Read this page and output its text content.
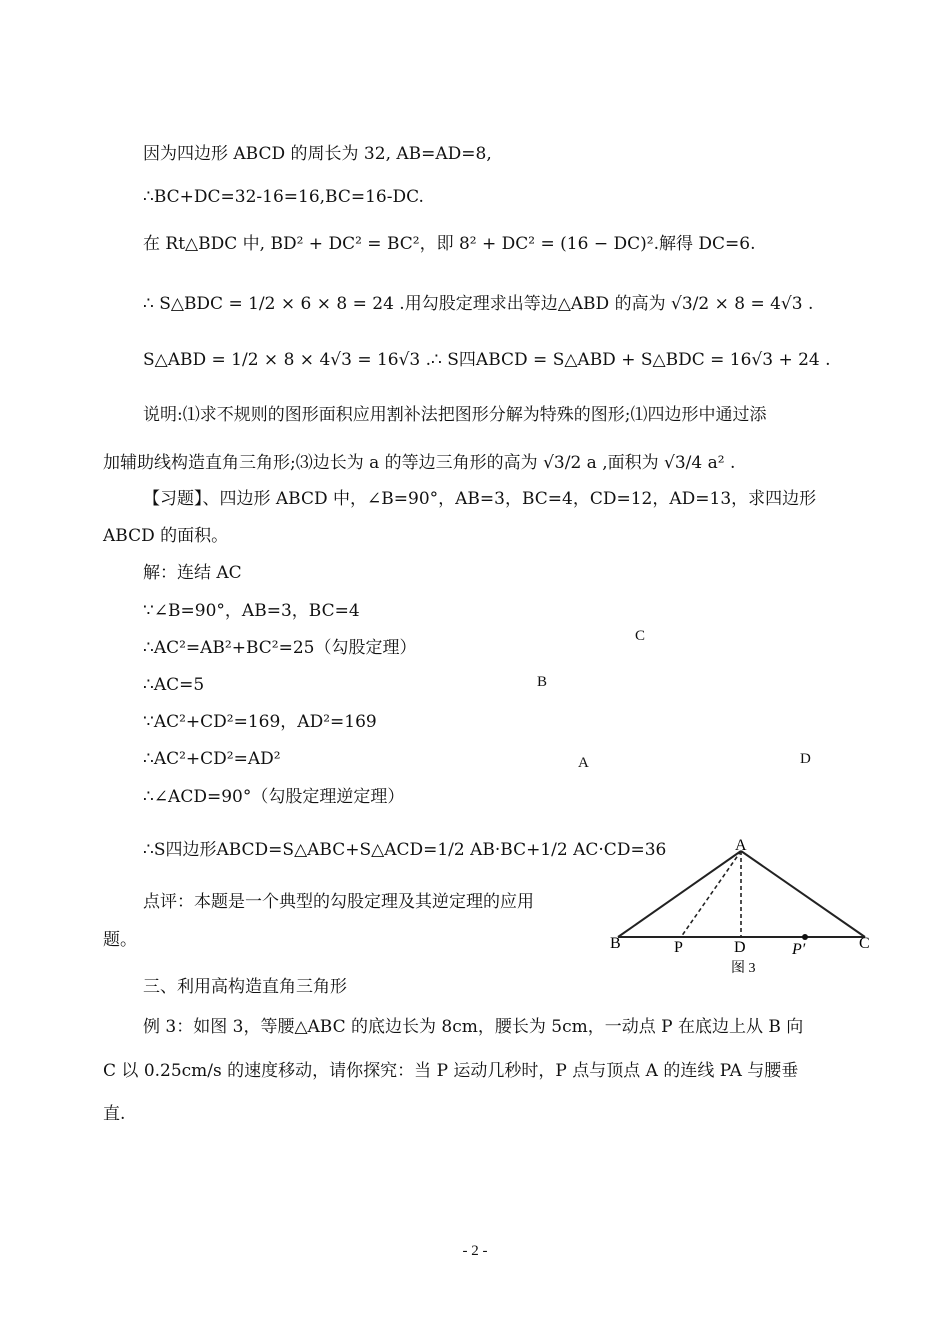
因为四边形 ABCD 的周长为 32, AB=AD=8,
∴BC+DC=32-16=16,BC=16-DC.
在 Rt△BDC 中, BD² + DC² = BC²，即 8² + DC² = (16 − DC)².解得 DC=6.
∴ S△BDC = 1/2 × 6 × 8 = 24 .用勾股定理求出等边△ABD 的高为 √3/2 × 8 = 4√3 .
S△ABD = 1/2 × 8 × 4√3 = 16√3 .∴ S四ABCD = S△ABD + S△BDC = 16√3 + 24 .
说明:⑴求不规则的图形面积应用割补法把图形分解为特殊的图形;⑴四边形中通过添
加辅助线构造直角三角形;⑶边长为 a 的等边三角形的高为 √3/2 a ,面积为 √3/4 a² .
【习题】、四边形 ABCD 中，∠B=90°，AB=3，BC=4，CD=12，AD=13，求四边形
ABCD 的面积。
解：连结 AC
∵∠B=90°，AB=3，BC=4
∴AC²=AB²+BC²=25（勾股定理）
∴AC=5
∵AC²+CD²=169，AD²=169
∴AC²+CD²=AD²
∴∠ACD=90°（勾股定理逆定理）
∴S四边形ABCD=S△ABC+S△ACD=1/2 AB·BC+1/2 AC·CD=36
点评：本题是一个典型的勾股定理及其逆定理的应用
题。
三、利用高构造直角三角形
例 3：如图 3，等腰△ABC 的底边长为 8cm，腰长为 5cm，一动点 P 在底边上从 B 向
C 以 0.25cm/s 的速度移动，请你探究：当 P 运动几秒时，P 点与顶点 A 的连线 PA 与腰垂
直.
C
B
A	D
A
B	P	D	P′	C
图 3
- 2 -
